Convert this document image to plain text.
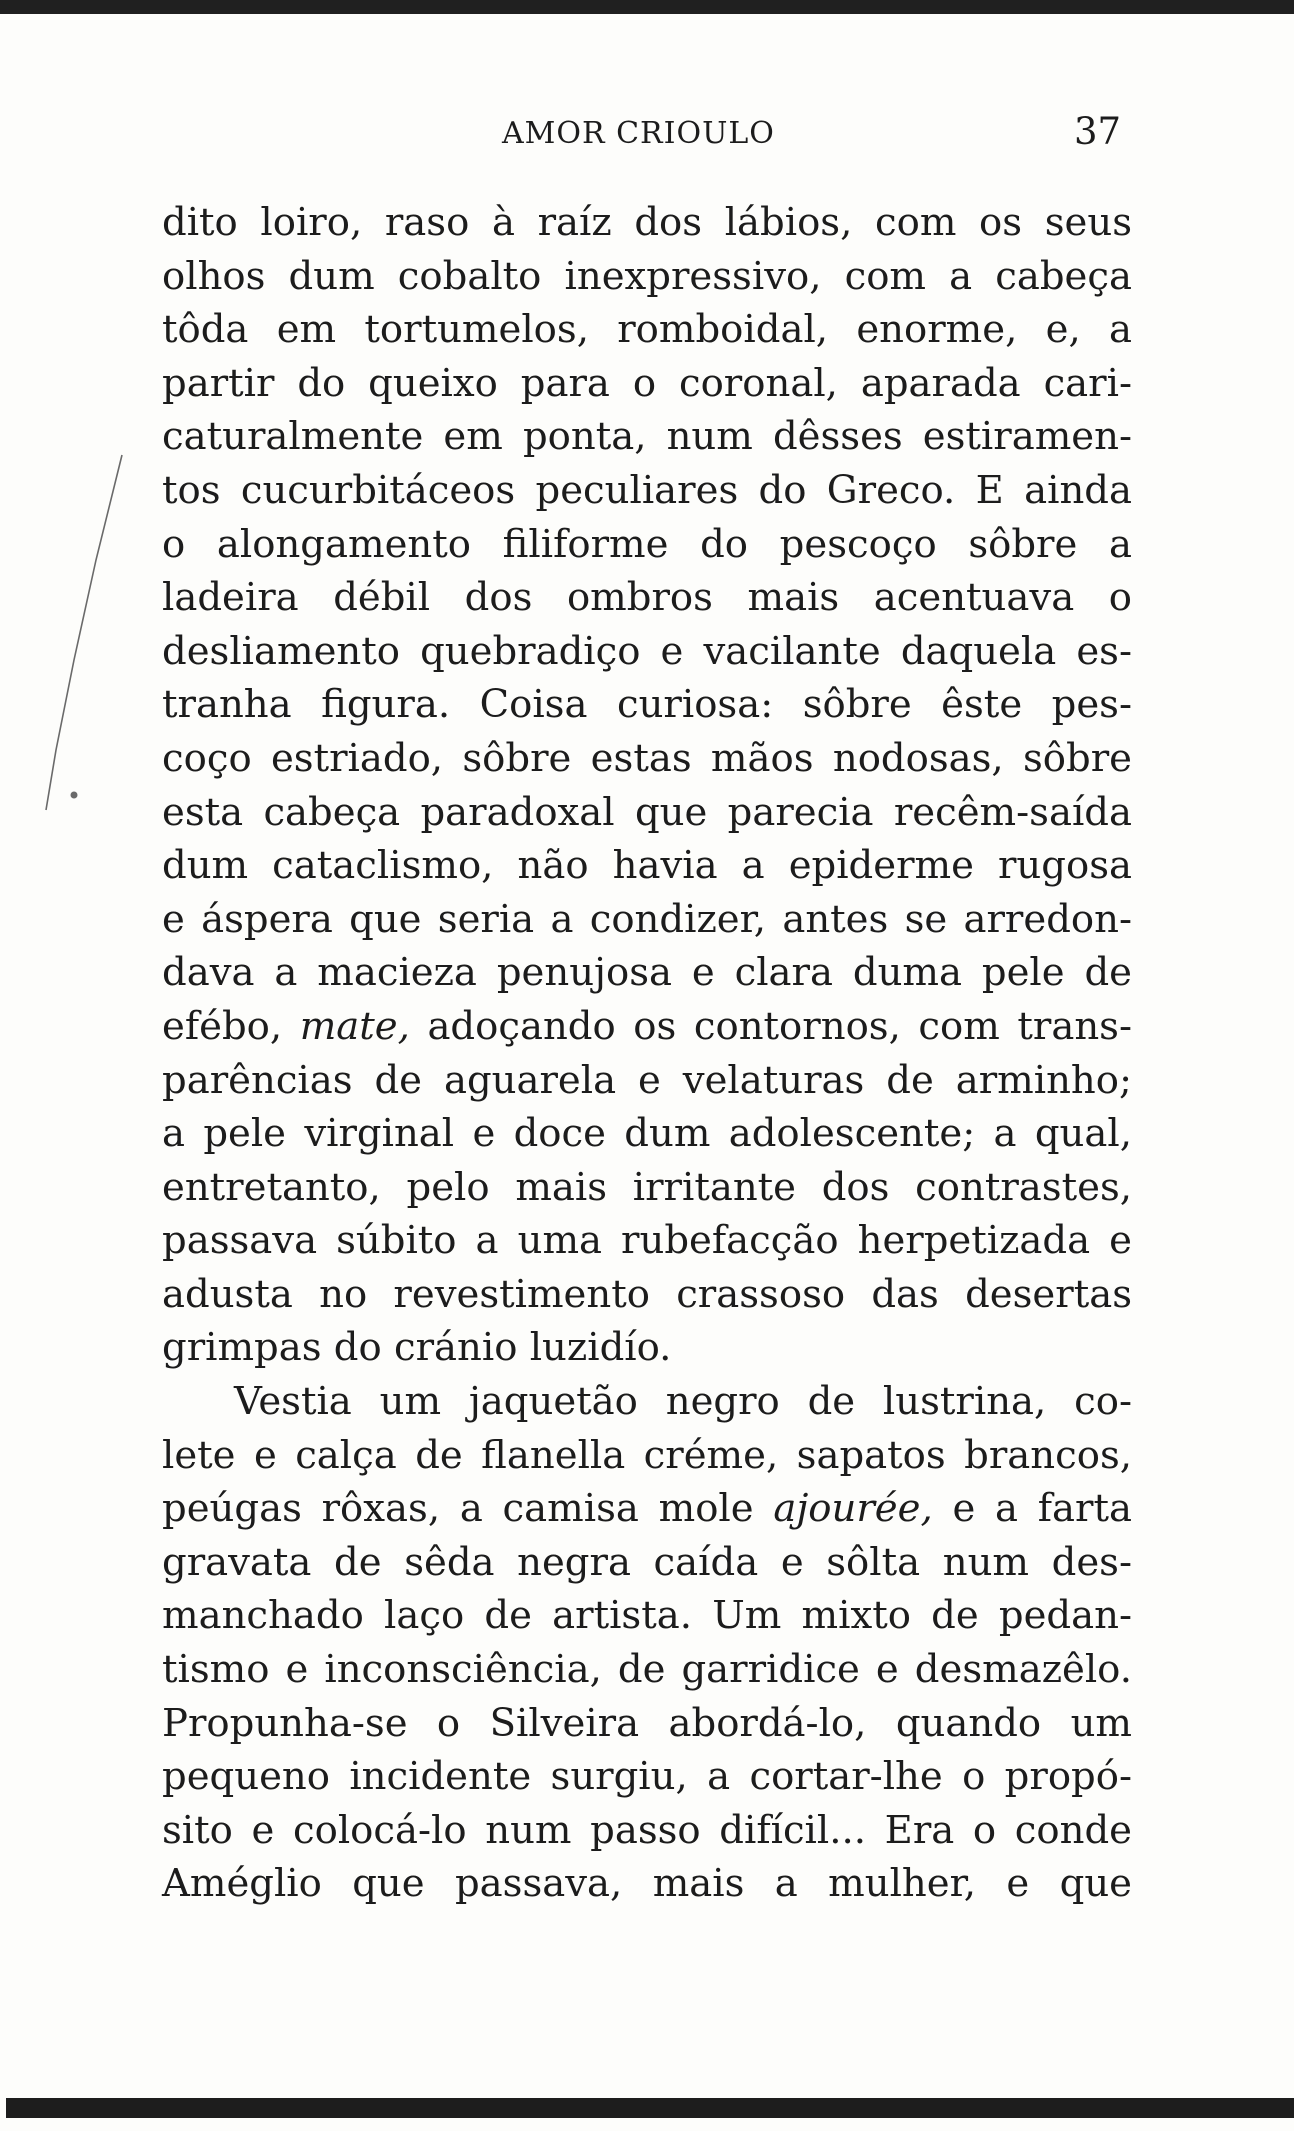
AMOR CRIOULO	37
dito loiro, raso à raíz dos lábios, com os seus
olhos dum cobalto inexpressivo, com a cabeça
tôda em tortumelos, romboidal, enorme, e, a
partir do queixo para o coronal, aparada cari-
caturalmente em ponta, num dêsses estiramen-
tos cucurbitáceos peculiares do Greco. E ainda
o alongamento filiforme do pescoço sôbre a
ladeira débil dos ombros mais acentuava o
desliamento quebradiço e vacilante daquela es-
tranha figura. Coisa curiosa: sôbre êste pes-
coço estriado, sôbre estas mãos nodosas, sôbre
esta cabeça paradoxal que parecia recêm-saída
dum cataclismo, não havia a epiderme rugosa
e áspera que seria a condizer, antes se arredon-
dava a macieza penujosa e clara duma pele de
efébo, mate, adoçando os contornos, com trans-
parências de aguarela e velaturas de arminho;
a pele virginal e doce dum adolescente; a qual,
entretanto, pelo mais irritante dos contrastes,
passava súbito a uma rubefacção herpetizada e
adusta no revestimento crassoso das desertas
grimpas do cránio luzidío.
Vestia um jaquetão negro de lustrina, co-
lete e calça de flanella créme, sapatos brancos,
peúgas rôxas, a camisa mole ajourée, e a farta
gravata de sêda negra caída e sôlta num des-
manchado laço de artista. Um mixto de pedan-
tismo e inconsciência, de garridice e desmazêlo.
Propunha-se o Silveira abordá-lo, quando um
pequeno incidente surgiu, a cortar-lhe o propó-
sito e colocá-lo num passo difícil... Era o conde
Améglio que passava, mais a mulher, e que
